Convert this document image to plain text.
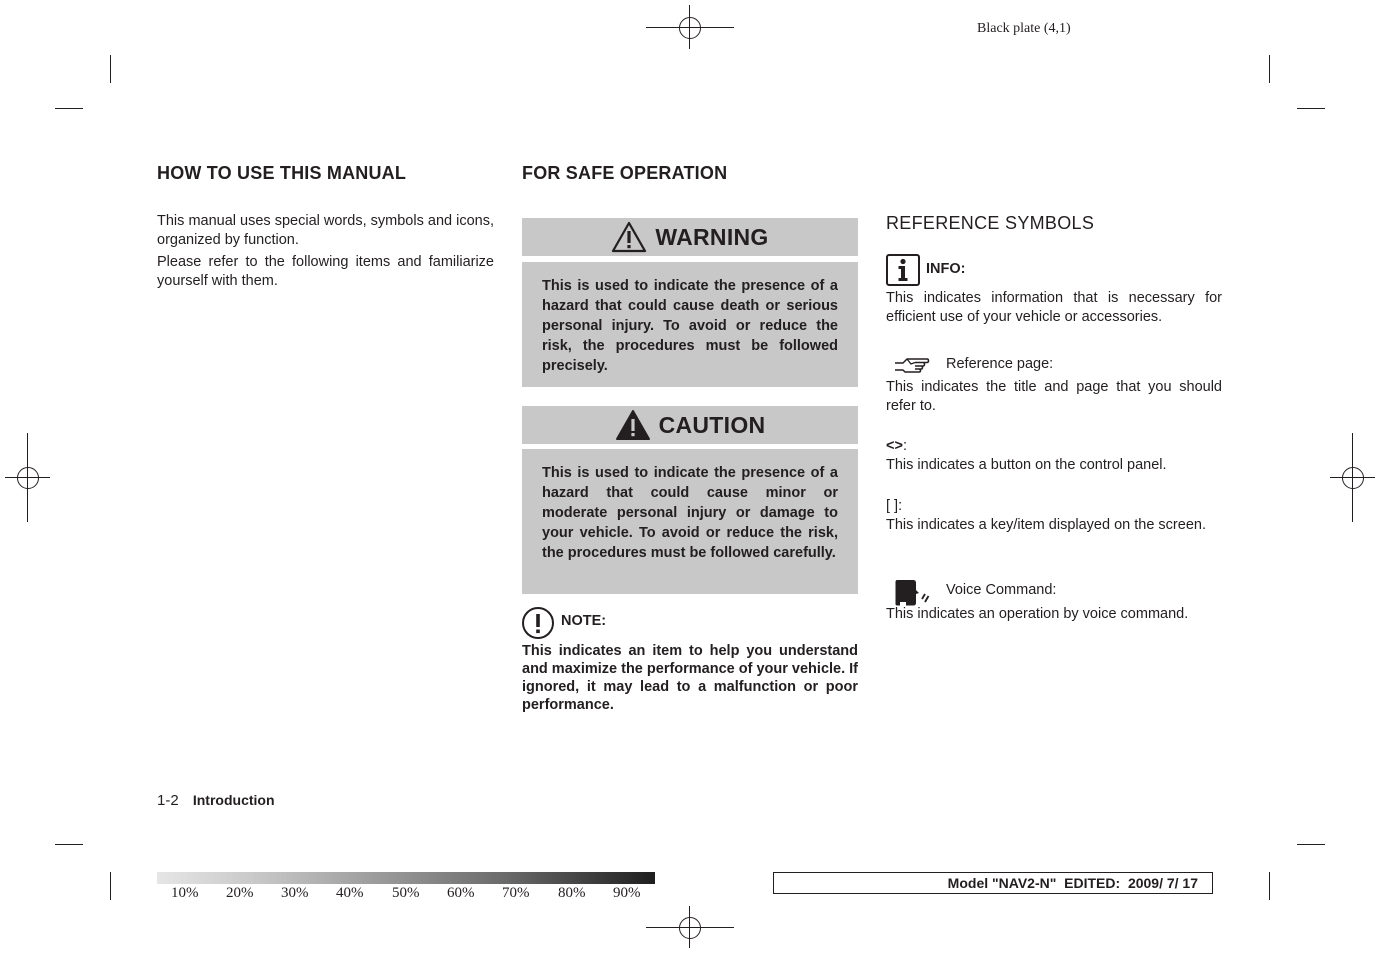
Black plate (4,1)
HOW TO USE THIS MANUAL

This manual uses special words, symbols and icons, organized by function.

Please refer to the following items and familiarize yourself with them.

FOR SAFE OPERATION
WARNING
This is used to indicate the presence of a hazard that could cause death or serious personal injury. To avoid or reduce the risk, the procedures must be followed precisely.
CAUTION
This is used to indicate the presence of a hazard that could cause minor or moderate personal injury or damage to your vehicle. To avoid or reduce the risk, the procedures must be followed carefully.
NOTE:
This indicates an item to help you understand and maximize the performance of your vehicle. If ignored, it may lead to a malfunction or poor performance.
REFERENCE SYMBOLS
INFO:
This indicates information that is necessary for efficient use of your vehicle or accessories.
Reference page:
This indicates the title and page that you should refer to.
<>:
This indicates a button on the control panel.
[ ]:
This indicates a key/item displayed on the screen.
Voice Command:
This indicates an operation by voice command.
1-2 Introduction
10% 20% 30% 40% 50% 60% 70% 80% 90%
Model "NAV2-N"  EDITED:  2009/ 7/ 17
